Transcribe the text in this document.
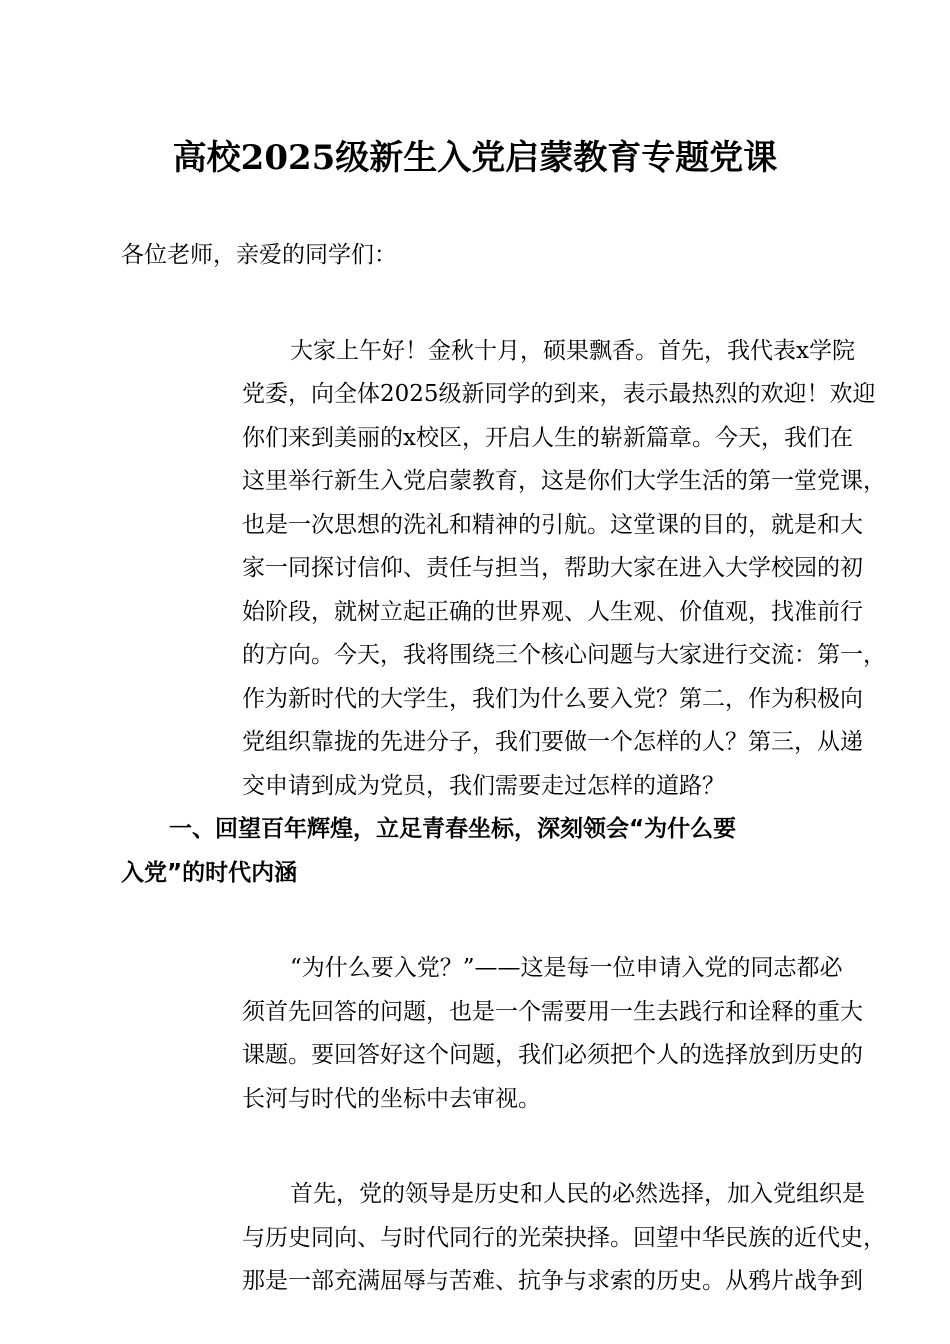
高校2025级新生入党启蒙教育专题党课
各位老师，亲爱的同学们：
大家上午好！金秋十月，硕果飘香。首先，我代表x学院
党委，向全体2025级新同学的到来，表示最热烈的欢迎！欢迎
你们来到美丽的x校区，开启人生的崭新篇章。今天，我们在
这里举行新生入党启蒙教育，这是你们大学生活的第一堂党课，
也是一次思想的洗礼和精神的引航。这堂课的目的，就是和大
家一同探讨信仰、责任与担当，帮助大家在进入大学校园的初
始阶段，就树立起正确的世界观、人生观、价值观，找准前行
的方向。今天，我将围绕三个核心问题与大家进行交流：第一，
作为新时代的大学生，我们为什么要入党？第二，作为积极向
党组织靠拢的先进分子，我们要做一个怎样的人？第三，从递
交申请到成为党员，我们需要走过怎样的道路？
一、回望百年辉煌，立足青春坐标，深刻领会“为什么要
入党”的时代内涵
“为什么要入党？”——这是每一位申请入党的同志都必
须首先回答的问题，也是一个需要用一生去践行和诠释的重大
课题。要回答好这个问题，我们必须把个人的选择放到历史的
长河与时代的坐标中去审视。
首先，党的领导是历史和人民的必然选择，加入党组织是
与历史同向、与时代同行的光荣抉择。回望中华民族的近代史，
那是一部充满屈辱与苦难、抗争与求索的历史。从鸦片战争到
